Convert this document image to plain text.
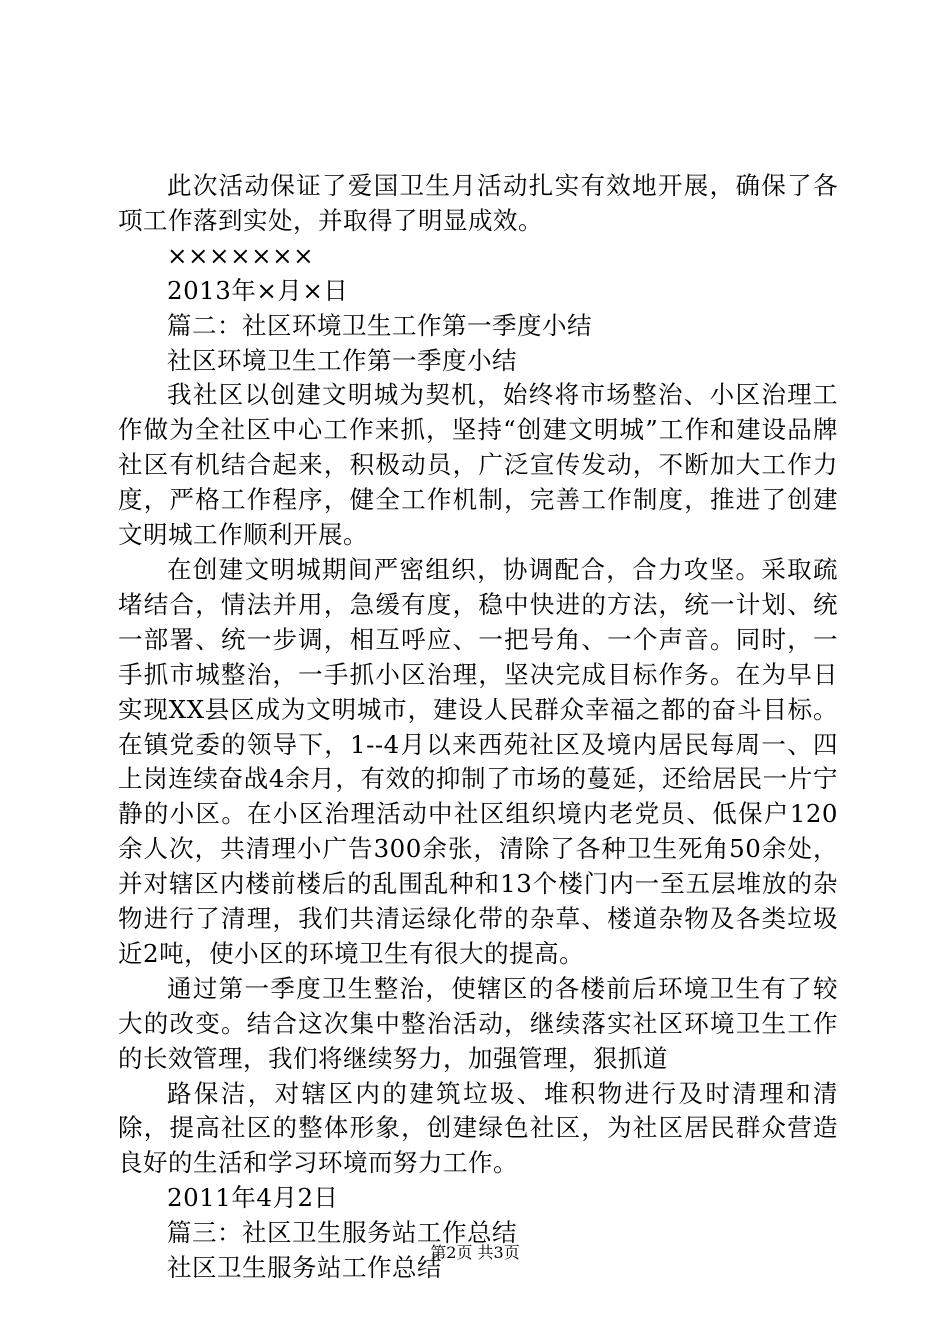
此次活动保证了爱国卫生月活动扎实有效地开展，确保了各项工作落到实处，并取得了明显成效。

×××××××

2013年×月×日

篇二：社区环境卫生工作第一季度小结

社区环境卫生工作第一季度小结

我社区以创建文明城为契机，始终将市场整治、小区治理工作做为全社区中心工作来抓，坚持“创建文明城”工作和建设品牌社区有机结合起来，积极动员，广泛宣传发动，不断加大工作力度，严格工作程序，健全工作机制，完善工作制度，推进了创建文明城工作顺利开展。

在创建文明城期间严密组织，协调配合，合力攻坚。采取疏堵结合，情法并用，急缓有度，稳中快进的方法，统一计划、统一部署、统一步调，相互呼应、一把号角、一个声音。同时，一手抓市城整治，一手抓小区治理，坚决完成目标作务。在为早日实现XX县区成为文明城市，建设人民群众幸福之都的奋斗目标。在镇党委的领导下，1--4月以来西苑社区及境内居民每周一、四上岗连续奋战4余月，有效的抑制了市场的蔓延，还给居民一片宁静的小区。在小区治理活动中社区组织境内老党员、低保户120余人次，共清理小广告300余张，清除了各种卫生死角50余处，并对辖区内楼前楼后的乱围乱种和13个楼门内一至五层堆放的杂物进行了清理，我们共清运绿化带的杂草、楼道杂物及各类垃圾近2吨，使小区的环境卫生有很大的提高。

通过第一季度卫生整治，使辖区的各楼前后环境卫生有了较大的改变。结合这次集中整治活动，继续落实社区环境卫生工作的长效管理，我们将继续努力，加强管理，狠抓道

路保洁，对辖区内的建筑垃圾、堆积物进行及时清理和清除，提高社区的整体形象，创建绿色社区，为社区居民群众营造良好的生活和学习环境而努力工作。

2011年4月2日

篇三：社区卫生服务站工作总结

社区卫生服务站工作总结

第2页 共3页
